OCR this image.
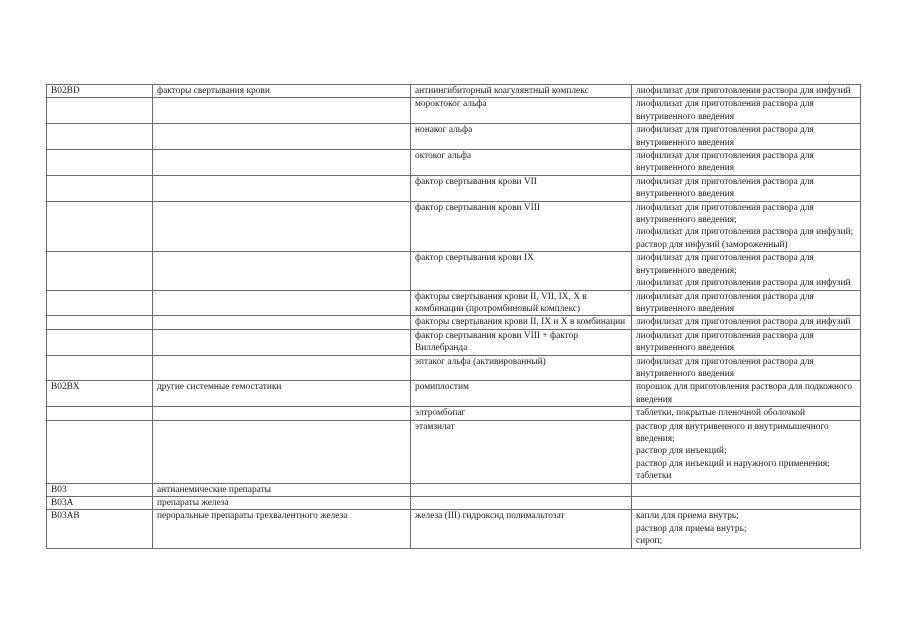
B02BD	факторы свертывания крови	антиингибиторный коагулянтный комплекс	лиофилизат для приготовления раствора для инфузий
		мороктоког альфа	лиофилизат для приготовления раствора для внутривенного введения
		нонаког альфа	лиофилизат для приготовления раствора для внутривенного введения
		октоког альфа	лиофилизат для приготовления раствора для внутривенного введения
		фактор свертывания крови VII	лиофилизат для приготовления раствора для внутривенного введения
		фактор свертывания крови VIII	лиофилизат для приготовления раствора для внутривенного введения;
лиофилизат для приготовления раствора для инфузий;
раствор для инфузий (замороженный)
		фактор свертывания крови IX	лиофилизат для приготовления раствора для внутривенного введения;
лиофилизат для приготовления раствора для инфузий
		факторы свертывания крови II, VII, IX, X в комбинации (протромбиновый комплекс)	лиофилизат для приготовления раствора для внутривенного введения
		факторы свертывания крови II, IX и X в комбинации	лиофилизат для приготовления раствора для инфузий
		фактор свертывания крови VIII + фактор Виллебранда	лиофилизат для приготовления раствора для внутривенного введения
		эптаког альфа (активированный)	лиофилизат для приготовления раствора для внутривенного введения
B02BX	другие системные гемостатики	ромиплостим	порошок для приготовления раствора для подкожного введения
		элтромбопаг	таблетки, покрытые пленочной оболочкой
		этамзилат	раствор для внутривенного и внутримышечного введения;
раствор для инъекций;
раствор для инъекций и наружного применения;
таблетки
B03	антианемические препараты		
B03A	препараты железа		
B03AB	пероральные препараты трехвалентного железа	железа (III) гидроксид полимальтозат	капли для приема внутрь;
раствор для приема внутрь;
сироп;
